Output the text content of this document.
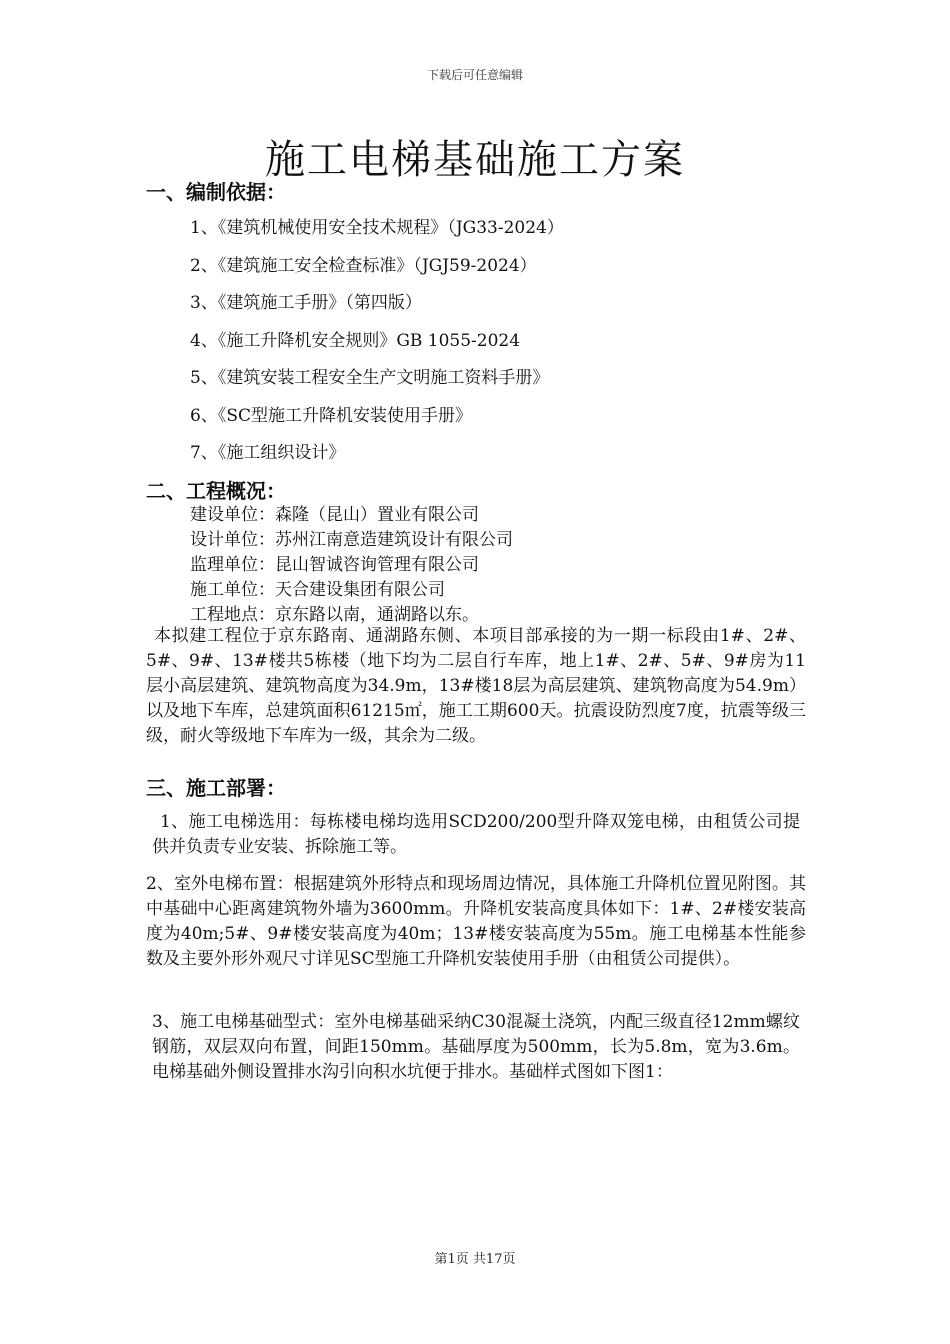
下载后可任意编辑
施工电梯基础施工方案
一、编制依据：

1、《建筑机械使用安全技术规程》（JG33-2024）

2、《建筑施工安全检查标准》（JGJ59-2024）

3、《建筑施工手册》（第四版）

4、《施工升降机安全规则》GB 1055-2024

5、《建筑安装工程安全生产文明施工资料手册》

6、《SC型施工升降机安装使用手册》

7、《施工组织设计》

二、工程概况：

建设单位：森隆（昆山）置业有限公司

设计单位：苏州江南意造建筑设计有限公司

监理单位：昆山智诚咨询管理有限公司

施工单位：天合建设集团有限公司

工程地点：京东路以南，通湖路以东。

本拟建工程位于京东路南、通湖路东侧、本项目部承接的为一期一标段由1#、2#、5#、9#、13#楼共5栋楼（地下均为二层自行车库，地上1#、2#、5#、9#房为11层小高层建筑、建筑物高度为34.9m，13#楼18层为高层建筑、建筑物高度为54.9m）以及地下车库，总建筑面积61215㎡，施工工期600天。抗震设防烈度7度，抗震等级三级，耐火等级地下车库为一级，其余为二级。

三、施工部署：

1、施工电梯选用：每栋楼电梯均选用SCD200/200型升降双笼电梯，由租赁公司提供并负责专业安装、拆除施工等。

2、室外电梯布置：根据建筑外形特点和现场周边情况，具体施工升降机位置见附图。其中基础中心距离建筑物外墙为3600mm。升降机安装高度具体如下：1#、2#楼安装高度为40m;5#、9#楼安装高度为40m；13#楼安装高度为55m。施工电梯基本性能参数及主要外形外观尺寸详见SC型施工升降机安装使用手册（由租赁公司提供）。

3、施工电梯基础型式：室外电梯基础采纳C30混凝土浇筑，内配三级直径12mm螺纹钢筋，双层双向布置，间距150mm。基础厚度为500mm，长为5.8m，宽为3.6m。电梯基础外侧设置排水沟引向积水坑便于排水。基础样式图如下图1：

第1页 共17页
